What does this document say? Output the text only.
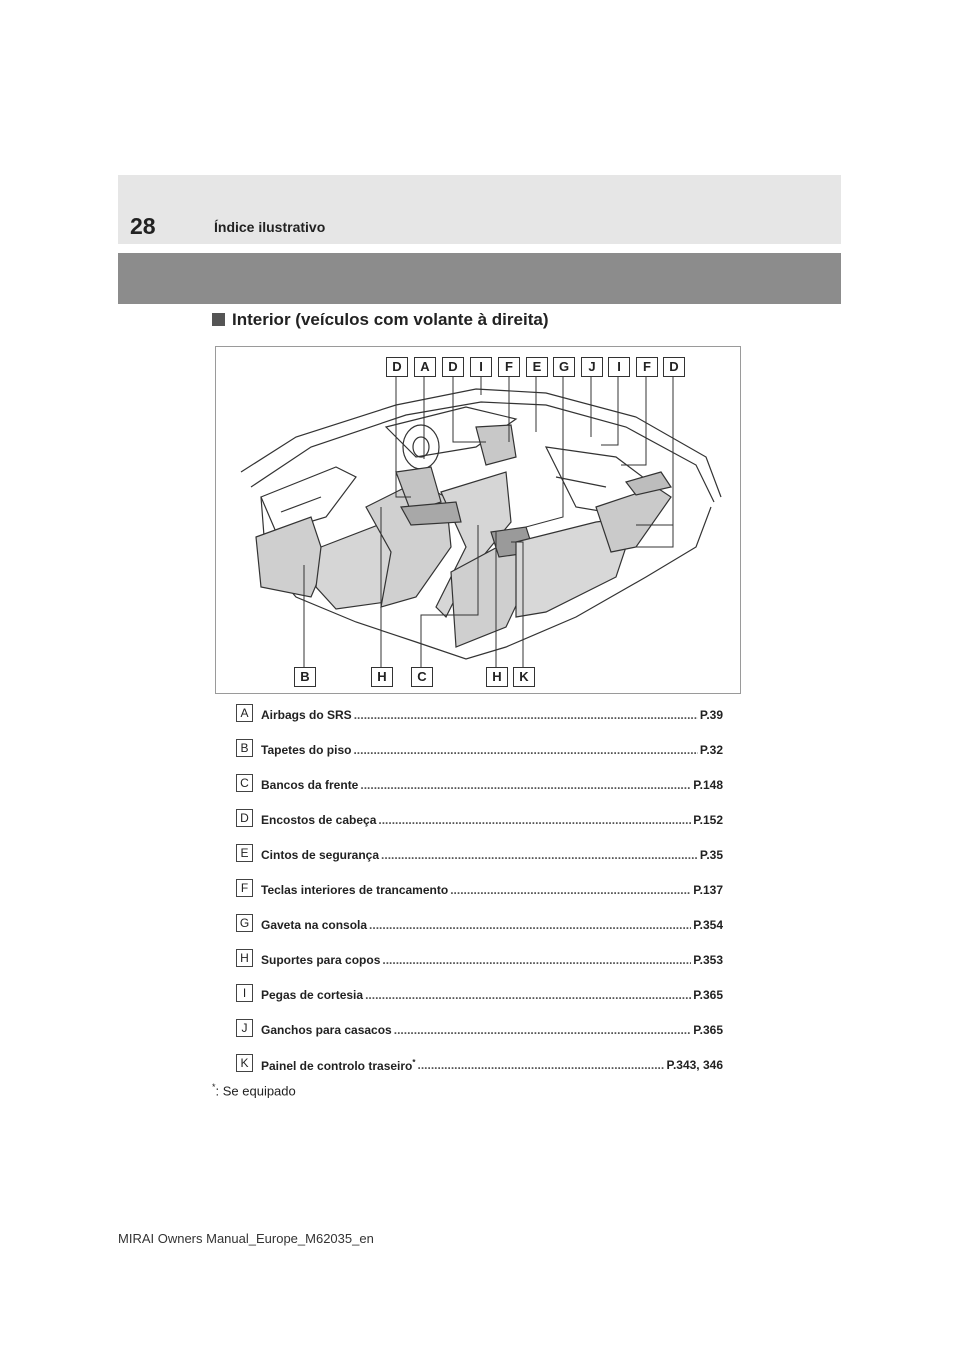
28	Índice ilustrativo
Interior (veículos com volante à direita)
D	A	D	I	F	E	G	J	I	F	D
B	H	C	H	K
A	Airbags do SRS .....	P.39
B	Tapetes do piso .....	P.32
C	Bancos da frente .....	P.148
D	Encostos de cabeça .....	P.152
E	Cintos de segurança .....	P.35
F	Teclas interiores de trancamento .....	P.137
G Gaveta na consola .....	P.354
H	Suportes para copos .....	P.353
I	Pegas de cortesia .....	P.365
J	Ganchos para casacos .....	P.365
K	Painel de controlo traseiro* .....	P.343, 346
*: Se equipado
MIRAI Owners Manual_Europe_M62035_en
